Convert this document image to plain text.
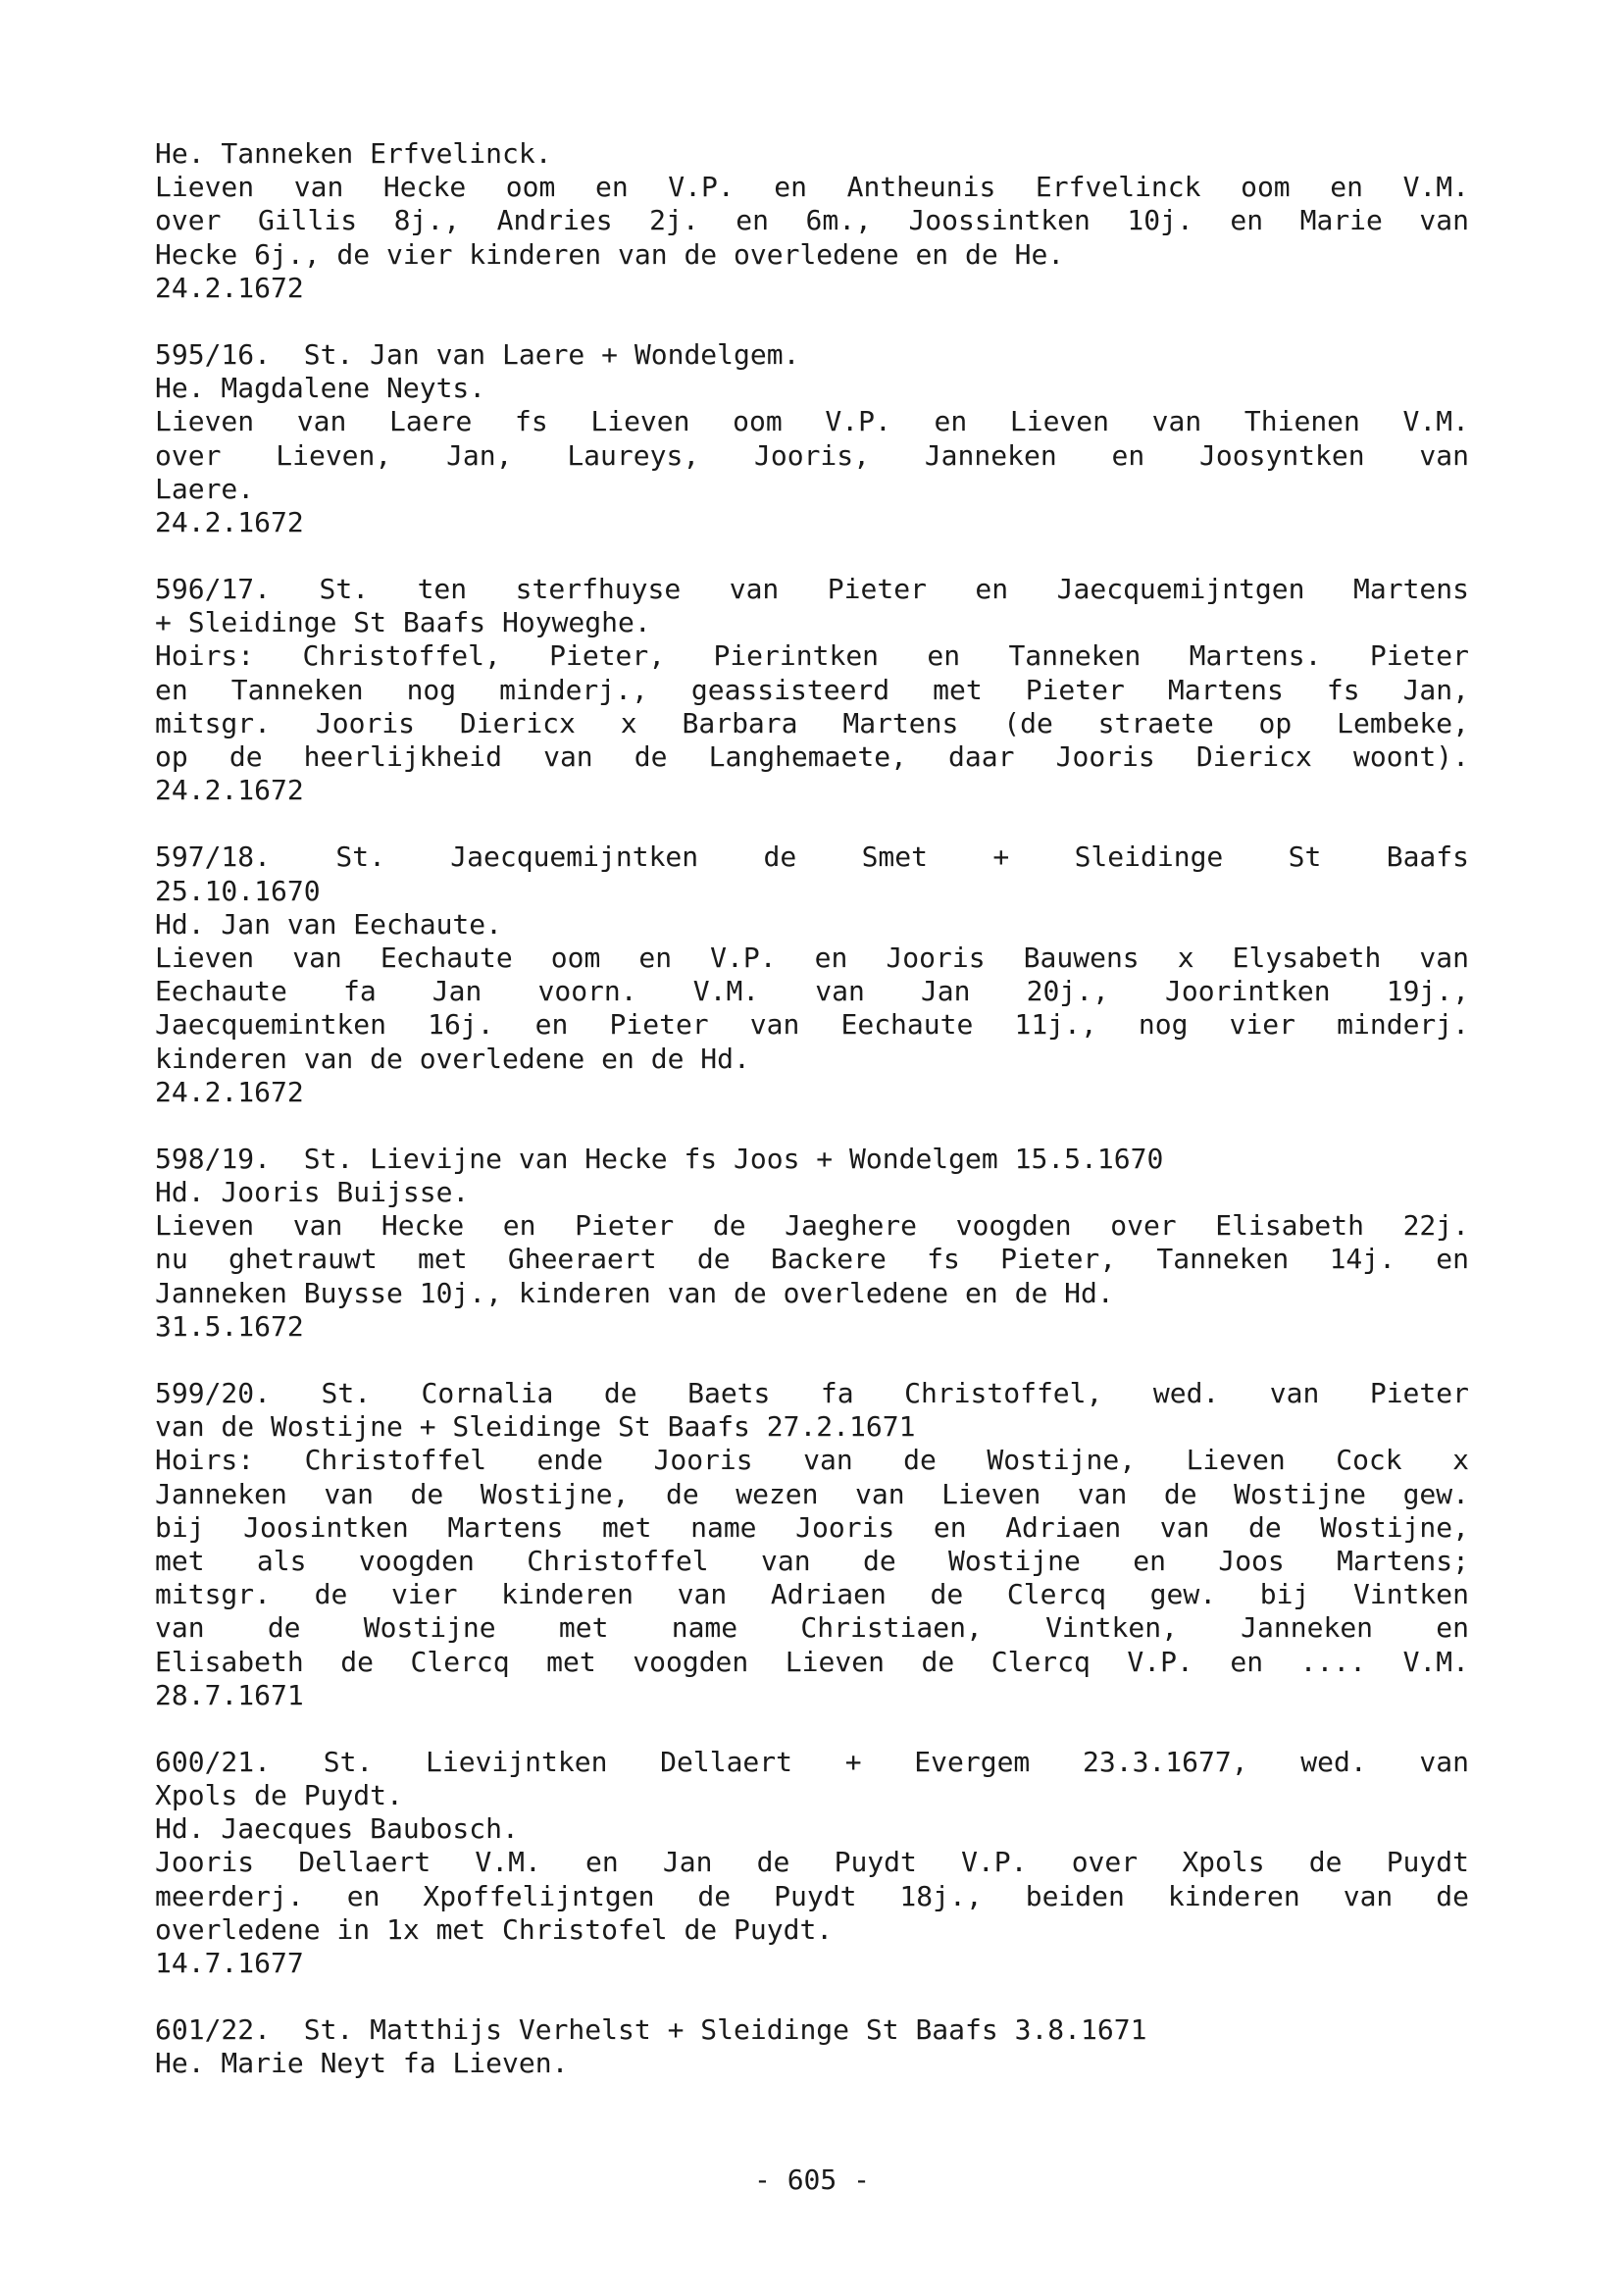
He. Tanneken Erfvelinck.
Lieven van Hecke oom en V.P. en Antheunis Erfvelinck oom en V.M.
over Gillis 8j., Andries 2j. en 6m., Joossintken 10j. en Marie van
Hecke 6j., de vier kinderen van de overledene en de He.
24.2.1672
595/16.  St. Jan van Laere + Wondelgem.
He. Magdalene Neyts.
Lieven van Laere fs Lieven oom V.P. en Lieven van Thienen V.M.
over Lieven, Jan, Laureys, Jooris, Janneken en Joosyntken van
Laere.
24.2.1672
596/17. St. ten sterfhuyse van Pieter en Jaecquemijntgen Martens
+ Sleidinge St Baafs Hoyweghe.
Hoirs: Christoffel, Pieter, Pierintken en Tanneken Martens. Pieter
en Tanneken nog minderj., geassisteerd met Pieter Martens fs Jan,
mitsgr. Jooris Diericx x Barbara Martens (de straete op Lembeke,
op de heerlijkheid van de Langhemaete, daar Jooris Diericx woont).
24.2.1672
597/18. St. Jaecquemijntken de Smet + Sleidinge St Baafs
25.10.1670
Hd. Jan van Eechaute.
Lieven van Eechaute oom en V.P. en Jooris Bauwens x Elysabeth van
Eechaute fa Jan voorn. V.M. van Jan 20j., Joorintken 19j.,
Jaecquemintken 16j. en Pieter van Eechaute 11j., nog vier minderj.
kinderen van de overledene en de Hd.
24.2.1672
598/19.  St. Lievijne van Hecke fs Joos + Wondelgem 15.5.1670
Hd. Jooris Buijsse.
Lieven van Hecke en Pieter de Jaeghere voogden over Elisabeth 22j.
nu ghetrauwt met Gheeraert de Backere fs Pieter, Tanneken 14j. en
Janneken Buysse 10j., kinderen van de overledene en de Hd.
31.5.1672
599/20. St. Cornalia de Baets fa Christoffel, wed. van Pieter
van de Wostijne + Sleidinge St Baafs 27.2.1671
Hoirs: Christoffel ende Jooris van de Wostijne, Lieven Cock x
Janneken van de Wostijne, de wezen van Lieven van de Wostijne gew.
bij Joosintken Martens met name Jooris en Adriaen van de Wostijne,
met als voogden Christoffel van de Wostijne en Joos Martens;
mitsgr. de vier kinderen van Adriaen de Clercq gew. bij Vintken
van de Wostijne met name Christiaen, Vintken, Janneken en
Elisabeth de Clercq met voogden Lieven de Clercq V.P. en .... V.M.
28.7.1671
600/21. St. Lievijntken Dellaert + Evergem 23.3.1677, wed. van
Xpols de Puydt.
Hd. Jaecques Baubosch.
Jooris Dellaert V.M. en Jan de Puydt V.P. over Xpols de Puydt
meerderj. en Xpoffelijntgen de Puydt 18j., beiden kinderen van de
overledene in 1x met Christofel de Puydt.
14.7.1677
601/22.  St. Matthijs Verhelst + Sleidinge St Baafs 3.8.1671
He. Marie Neyt fa Lieven.
- 605 -
